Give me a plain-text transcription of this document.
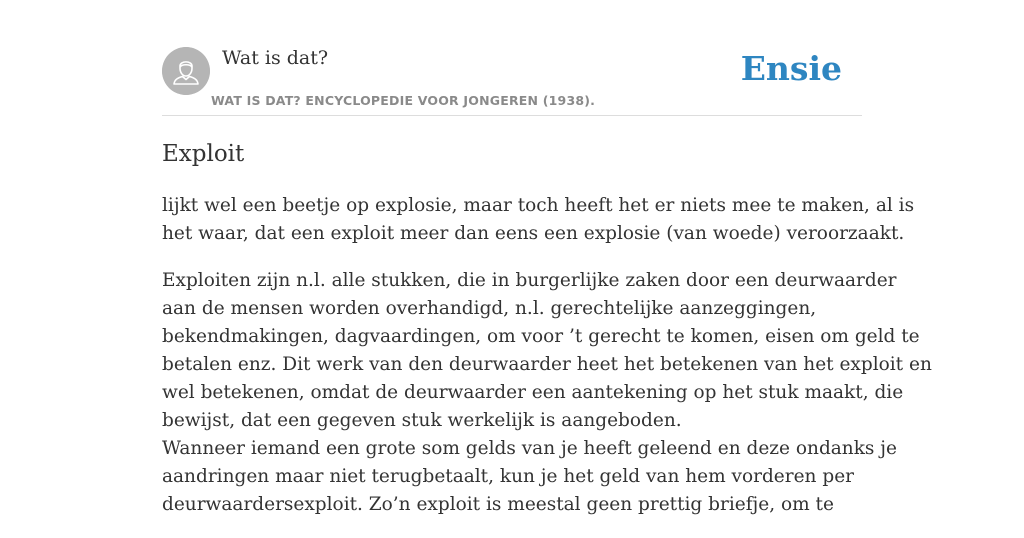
Wat is dat?
WAT IS DAT? ENCYCLOPEDIE VOOR JONGEREN (1938).
Ensie
Exploit

lijkt wel een beetje op explosie, maar toch heeft het er niets mee te maken, al is
het waar, dat een exploit meer dan eens een explosie (van woede) veroorzaakt.

Exploiten zijn n.l. alle stukken, die in burgerlijke zaken door een deurwaarder
aan de mensen worden overhandigd, n.l. gerechtelijke aanzeggingen,
bekendmakingen, dagvaardingen, om voor ’t gerecht te komen, eisen om geld te
betalen enz. Dit werk van den deurwaarder heet het betekenen van het exploit en
wel betekenen, omdat de deurwaarder een aantekening op het stuk maakt, die
bewijst, dat een gegeven stuk werkelijk is aangeboden.
Wanneer iemand een grote som gelds van je heeft geleend en deze ondanks je
aandringen maar niet terugbetaalt, kun je het geld van hem vorderen per
deurwaardersexploit. Zo’n exploit is meestal geen prettig briefje, om te
